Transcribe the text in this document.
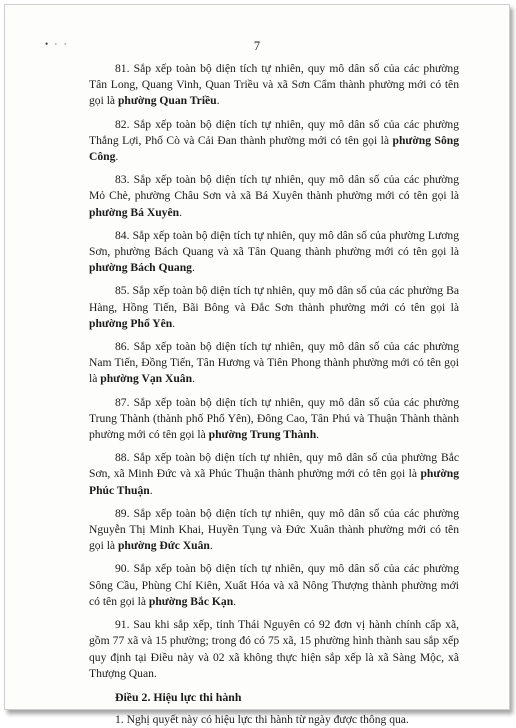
• · ·	7

81. Sắp xếp toàn bộ diện tích tự nhiên, quy mô dân số của các phường Tân Long, Quang Vinh, Quan Triều và xã Sơn Cẩm thành phường mới có tên gọi là phường Quan Triều.

82. Sắp xếp toàn bộ diện tích tự nhiên, quy mô dân số của các phường Thắng Lợi, Phố Cò và Cải Đan thành phường mới có tên gọi là phường Sông Công.

83. Sắp xếp toàn bộ diện tích tự nhiên, quy mô dân số của các phường Mỏ Chè, phường Châu Sơn và xã Bá Xuyên thành phường mới có tên gọi là phường Bá Xuyên.

84. Sắp xếp toàn bộ diện tích tự nhiên, quy mô dân số của phường Lương Sơn, phường Bách Quang và xã Tân Quang thành phường mới có tên gọi là phường Bách Quang.

85. Sắp xếp toàn bộ diện tích tự nhiên, quy mô dân số của các phường Ba Hàng, Hồng Tiến, Bãi Bông và Đắc Sơn thành phường mới có tên gọi là phường Phổ Yên.

86. Sắp xếp toàn bộ diện tích tự nhiên, quy mô dân số của các phường Nam Tiến, Đồng Tiến, Tân Hương và Tiên Phong thành phường mới có tên gọi là phường Vạn Xuân.

87. Sắp xếp toàn bộ diện tích tự nhiên, quy mô dân số của các phường Trung Thành (thành phố Phổ Yên), Đông Cao, Tân Phú và Thuận Thành thành phường mới có tên gọi là phường Trung Thành.

88. Sắp xếp toàn bộ diện tích tự nhiên, quy mô dân số của phường Bắc Sơn, xã Minh Đức và xã Phúc Thuận thành phường mới có tên gọi là phường Phúc Thuận.

89. Sắp xếp toàn bộ diện tích tự nhiên, quy mô dân số của các phường Nguyễn Thị Minh Khai, Huyền Tụng và Đức Xuân thành phường mới có tên gọi là phường Đức Xuân.

90. Sắp xếp toàn bộ diện tích tự nhiên, quy mô dân số của các phường Sông Cầu, Phùng Chí Kiên, Xuất Hóa và xã Nông Thượng thành phường mới có tên gọi là phường Bắc Kạn.

91. Sau khi sắp xếp, tỉnh Thái Nguyên có 92 đơn vị hành chính cấp xã, gồm 77 xã và 15 phường; trong đó có 75 xã, 15 phường hình thành sau sắp xếp quy định tại Điều này và 02 xã không thực hiện sắp xếp là xã Sàng Mộc, xã Thượng Quan.

Điều 2. Hiệu lực thi hành

1. Nghị quyết này có hiệu lực thi hành từ ngày được thông qua.
